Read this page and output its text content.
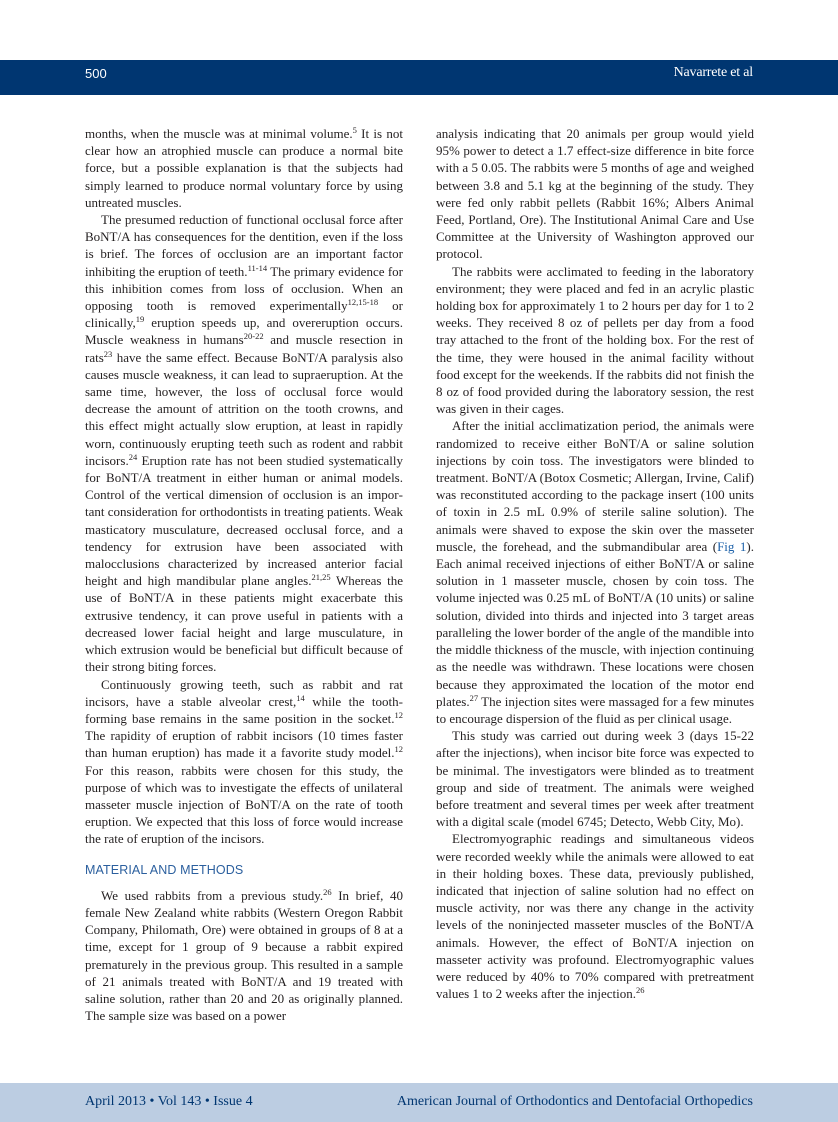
500	Navarrete et al

months, when the muscle was at minimal volume.$^5$ It is not clear how an atrophied muscle can produce a normal bite force, but a possible explanation is that the subjects had simply learned to produce normal voluntary force by using untreated muscles.

The presumed reduction of functional occlusal force after BoNT/A has consequences for the dentition, even if the loss is brief. The forces of occlusion are an important factor inhibiting the eruption of teeth.$^{11-14}$ The primary evidence for this inhibition comes from loss of occlusion. When an opposing tooth is removed experimentally$^{12,15-18}$ or clinically,$^{19}$ eruption speeds up, and overeruption occurs. Muscle weakness in humans$^{20-22}$ and muscle resection in rats$^{23}$ have the same effect. Because BoNT/A paralysis also causes muscle weakness, it can lead to supraeruption. At the same time, however, the loss of occlusal force would decrease the amount of attrition on the tooth crowns, and this effect might actually slow eruption, at least in rapidly worn, continuously erupting teeth such as rodent and rabbit incisors.$^{24}$ Eruption rate has not been studied systematically for BoNT/A treatment in either human or animal models. Control of the vertical dimension of occlusion is an important consideration for orthodontists in treating patients. Weak masticatory musculature, decreased occlusal force, and a tendency for extrusion have been associated with malocclusions characterized by increased anterior facial height and high mandibular plane angles.$^{21,25}$ Whereas the use of BoNT/A in these patients might exacerbate this extrusive tendency, it can prove useful in patients with a decreased lower facial height and large musculature, in which extrusion would be beneficial but difficult because of their strong biting forces.

Continuously growing teeth, such as rabbit and rat incisors, have a stable alveolar crest,$^{14}$ while the tooth-forming base remains in the same position in the socket.$^{12}$ The rapidity of eruption of rabbit incisors (10 times faster than human eruption) has made it a favorite study model.$^{12}$ For this reason, rabbits were chosen for this study, the purpose of which was to investigate the effects of unilateral masseter muscle injection of BoNT/A on the rate of tooth eruption. We expected that this loss of force would increase the rate of eruption of the incisors.

MATERIAL AND METHODS

We used rabbits from a previous study.$^{26}$ In brief, 40 female New Zealand white rabbits (Western Oregon Rabbit Company, Philomath, Ore) were obtained in groups of 8 at a time, except for 1 group of 9 because a rabbit expired prematurely in the previous group. This resulted in a sample of 21 animals treated with BoNT/A and 19 treated with saline solution, rather than 20 and 20 as originally planned. The sample size was based on a power

analysis indicating that 20 animals per group would yield 95% power to detect a 1.7 effect-size difference in bite force with a 5 0.05. The rabbits were 5 months of age and weighed between 3.8 and 5.1 kg at the beginning of the study. They were fed only rabbit pellets (Rabbit 16%; Albers Animal Feed, Portland, Ore). The Institutional Animal Care and Use Committee at the University of Washington approved our protocol.

The rabbits were acclimated to feeding in the laboratory environment; they were placed and fed in an acrylic plastic holding box for approximately 1 to 2 hours per day for 1 to 2 weeks. They received 8 oz of pellets per day from a food tray attached to the front of the holding box. For the rest of the time, they were housed in the animal facility without food except for the weekends. If the rabbits did not finish the 8 oz of food provided during the laboratory session, the rest was given in their cages.

After the initial acclimatization period, the animals were randomized to receive either BoNT/A or saline solution injections by coin toss. The investigators were blinded to treatment. BoNT/A (Botox Cosmetic; Allergan, Irvine, Calif) was reconstituted according to the package insert (100 units of toxin in 2.5 mL 0.9% of sterile saline solution). The animals were shaved to expose the skin over the masseter muscle, the forehead, and the submandibular area (Fig 1). Each animal received injections of either BoNT/A or saline solution in 1 masseter muscle, chosen by coin toss. The volume injected was 0.25 mL of BoNT/A (10 units) or saline solution, divided into thirds and injected into 3 target areas paralleling the lower border of the angle of the mandible into the middle thickness of the muscle, with injection continuing as the needle was withdrawn. These locations were chosen because they approximated the location of the motor end plates.$^{27}$ The injection sites were massaged for a few minutes to encourage dispersion of the fluid as per clinical usage.

This study was carried out during week 3 (days 15-22 after the injections), when incisor bite force was expected to be minimal. The investigators were blinded as to treatment group and side of treatment. The animals were weighed before treatment and several times per week after treatment with a digital scale (model 6745; Detecto, Webb City, Mo).

Electromyographic readings and simultaneous videos were recorded weekly while the animals were allowed to eat in their holding boxes. These data, previously published, indicated that injection of saline solution had no effect on muscle activity, nor was there any change in the activity levels of the noninjected masseter muscles of the BoNT/A animals. However, the effect of BoNT/A injection on masseter activity was profound. Electromyographic values were reduced by 40% to 70% compared with pretreatment values 1 to 2 weeks after the injection.$^{26}$

April 2013 • Vol 143 • Issue 4	American Journal of Orthodontics and Dentofacial Orthopedics
